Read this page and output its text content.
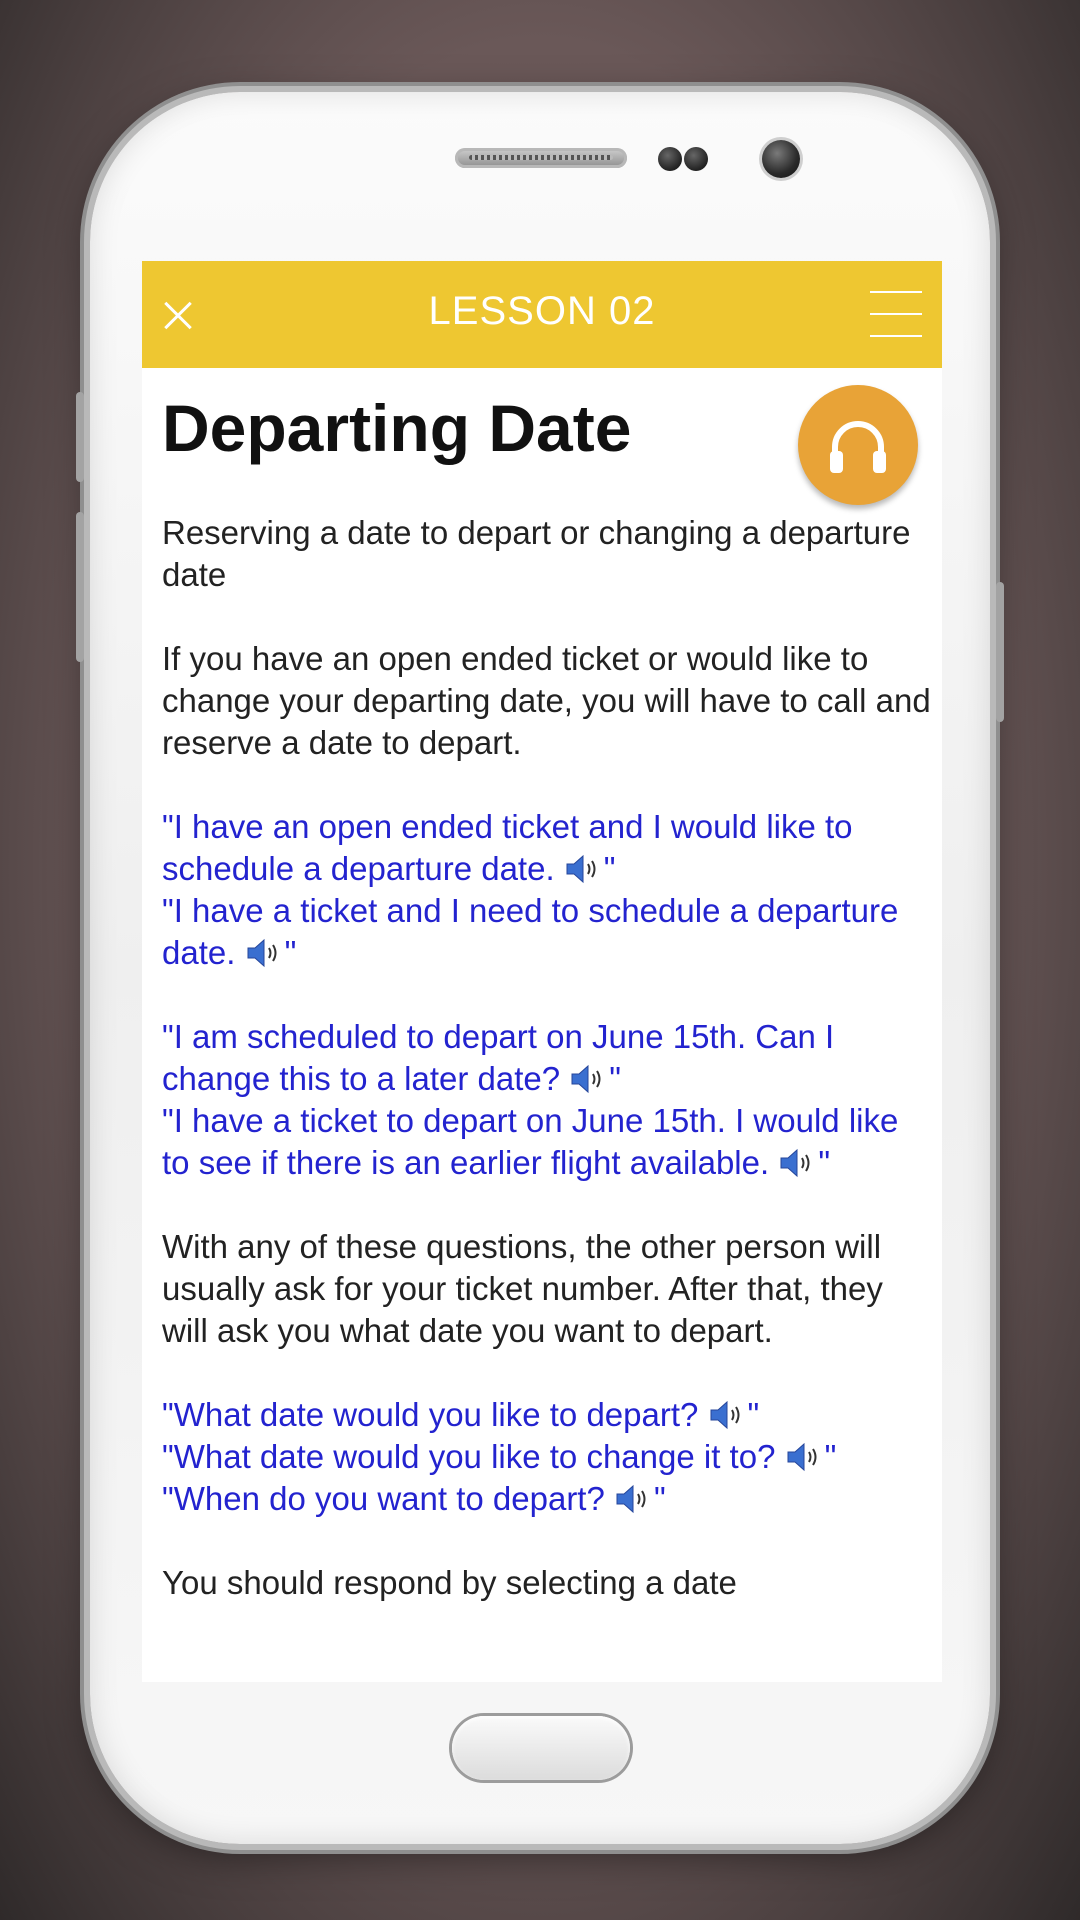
LESSON 02
Departing Date

Reserving a date to depart or changing a departure date

If you have an open ended ticket or would like to change your departing date, you will have to call and reserve a date to depart.

"I have an open ended ticket and I would like to schedule a departure date. "

"I have a ticket and I need to schedule a departure date. "

"I am scheduled to depart on June 15th. Can I change this to a later date? "

"I have a ticket to depart on June 15th. I would like to see if there is an earlier flight available. "

With any of these questions, the other person will usually ask for your ticket number. After that, they will ask you what date you want to depart.

"What date would you like to depart? "

"What date would you like to change it to? "

"When do you want to depart? "

You should respond by selecting a date
